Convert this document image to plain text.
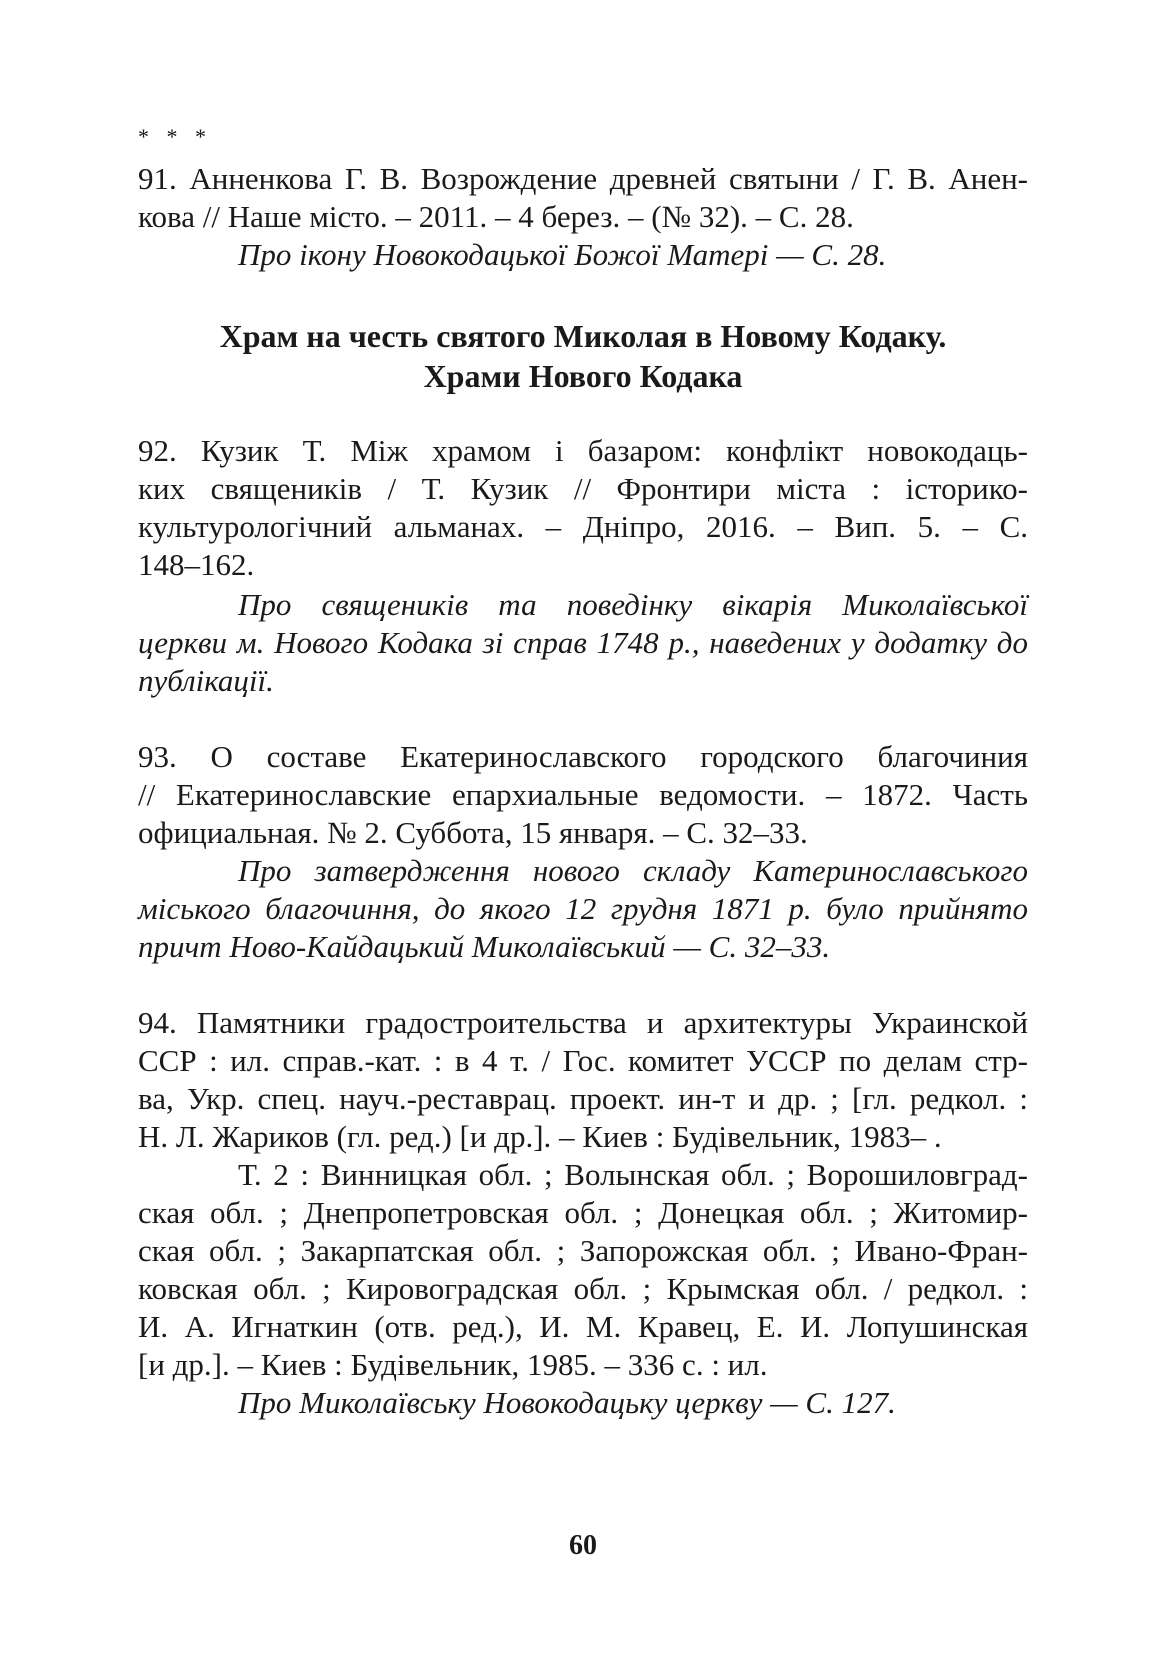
* * *
91. Анненкова Г. В. Возрождение древней святыни / Г. В. Анен-
кова // Наше місто. – 2011. – 4 берез. – (№ 32). – С. 28.
Про ікону Новокодацької Божої Матері — С. 28.
Храм на честь святого Миколая в Новому Кодаку.
Храми Нового Кодака
92. Кузик Т. Між храмом і базаром: конфлікт новокодаць-
ких священиків / Т. Кузик // Фронтири міста : історико-
культурологічний альманах. – Дніпро, 2016. – Вип. 5. – С.
148–162.
Про священиків та поведінку вікарія Миколаївської
церкви м. Нового Кодака зі справ 1748 р., наведених у додатку до
публікації.
93. О составе Екатеринославского городского благочиния
// Екатеринославские епархиальные ведомости. – 1872. Часть
официальная. № 2. Суббота, 15 января. – С. 32–33.
Про затвердження нового складу Катеринославського
міського благочиння, до якого 12 грудня 1871 р. було прийнято
причт Ново-Кайдацький Миколаївський — С. 32–33.
94. Памятники градостроительства и архитектуры Украинской
ССР : ил. справ.-кат. : в 4 т. / Гос. комитет УССР по делам стр-
ва, Укр. спец. науч.-реставрац. проект. ин-т и др. ; [гл. редкол. :
Н. Л. Жариков (гл. ред.) [и др.]. – Киев : Будівельник, 1983– .
Т. 2 : Винницкая обл. ; Волынская обл. ; Ворошиловград-
ская обл. ; Днепропетровская обл. ; Донецкая обл. ; Житомир-
ская обл. ; Закарпатская обл. ; Запорожская обл. ; Ивано-Фран-
ковская обл. ; Кировоградская обл. ; Крымская обл. / редкол. :
И. А. Игнаткин (отв. ред.), И. М. Кравец, Е. И. Лопушинская
[и др.]. – Киев : Будівельник, 1985. – 336 с. : ил.
Про Миколаївську Новокодацьку церкву — С. 127.
60
